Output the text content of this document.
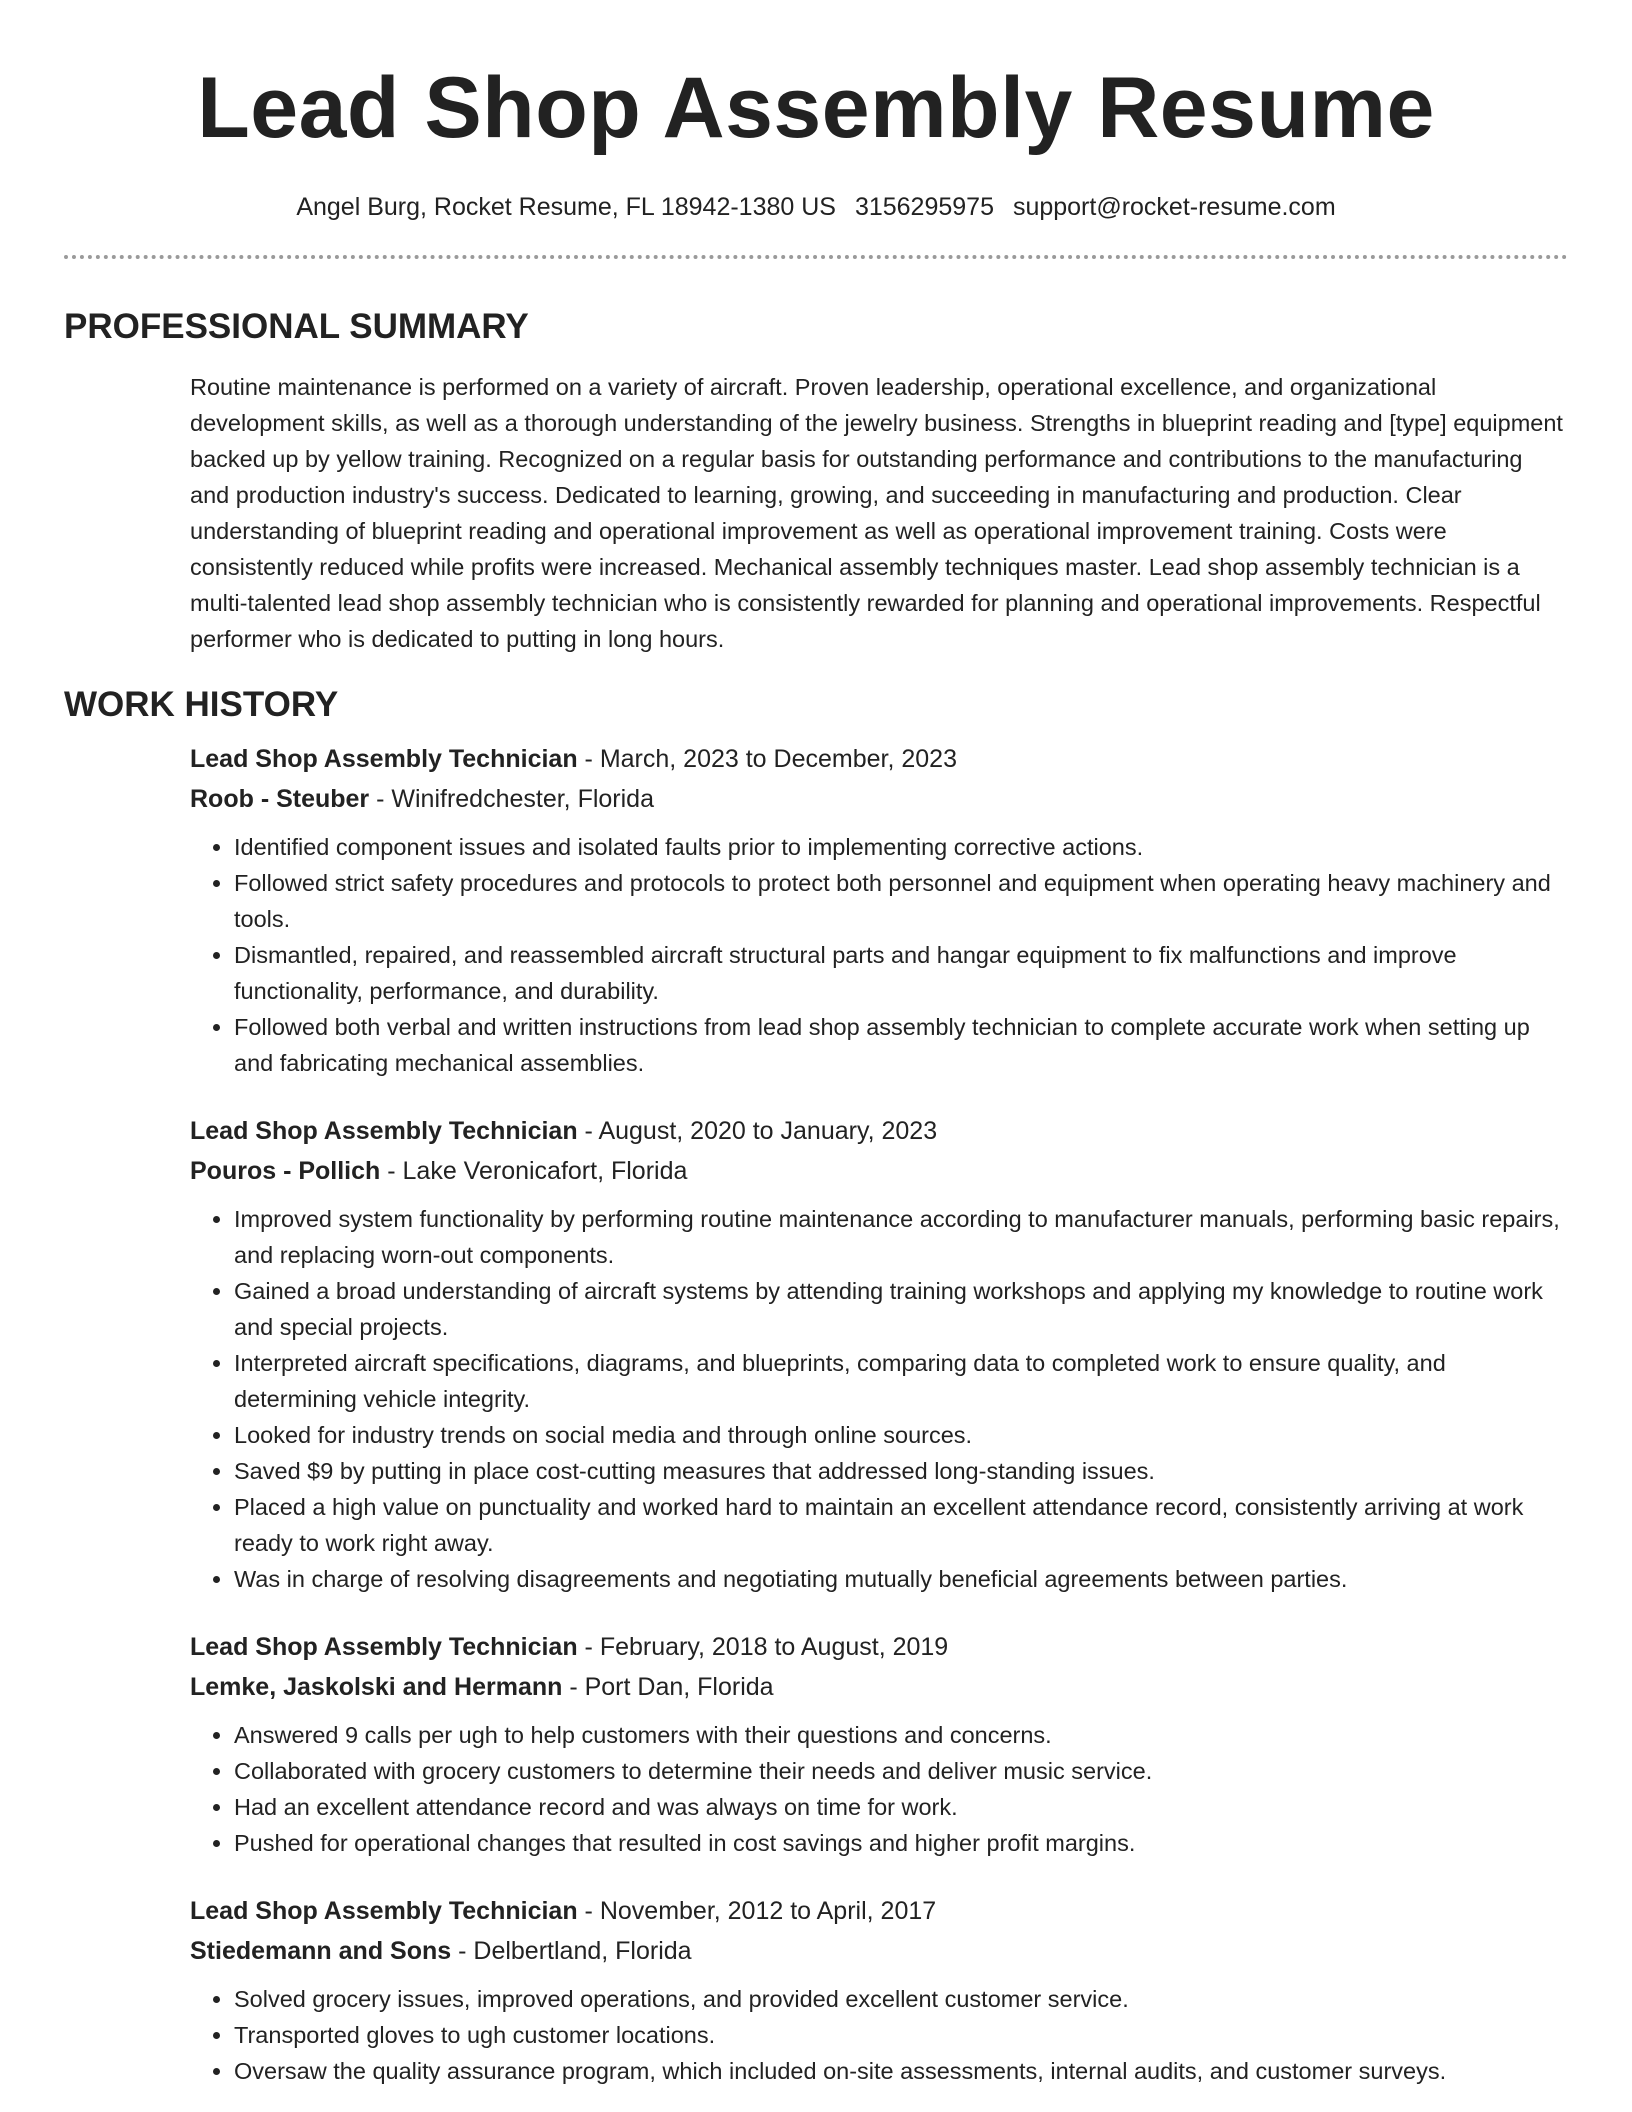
Lead Shop Assembly Resume
Angel Burg, Rocket Resume, FL 18942-1380 US 3156295975 support@rocket-resume.com
PROFESSIONAL SUMMARY

Routine maintenance is performed on a variety of aircraft. Proven leadership, operational excellence, and organizational development skills, as well as a thorough understanding of the jewelry business. Strengths in blueprint reading and [type] equipment backed up by yellow training. Recognized on a regular basis for outstanding performance and contributions to the manufacturing and production industry's success. Dedicated to learning, growing, and succeeding in manufacturing and production. Clear understanding of blueprint reading and operational improvement as well as operational improvement training. Costs were consistently reduced while profits were increased. Mechanical assembly techniques master. Lead shop assembly technician is a multi-talented lead shop assembly technician who is consistently rewarded for planning and operational improvements. Respectful performer who is dedicated to putting in long hours.

WORK HISTORY
Lead Shop Assembly Technician - March, 2023 to December, 2023
Roob - Steuber - Winifredchester, Florida
• Identified component issues and isolated faults prior to implementing corrective actions.
• Followed strict safety procedures and protocols to protect both personnel and equipment when operating heavy machinery and tools.
• Dismantled, repaired, and reassembled aircraft structural parts and hangar equipment to fix malfunctions and improve functionality, performance, and durability.
• Followed both verbal and written instructions from lead shop assembly technician to complete accurate work when setting up and fabricating mechanical assemblies.
Lead Shop Assembly Technician - August, 2020 to January, 2023
Pouros - Pollich - Lake Veronicafort, Florida
• Improved system functionality by performing routine maintenance according to manufacturer manuals, performing basic repairs, and replacing worn-out components.
• Gained a broad understanding of aircraft systems by attending training workshops and applying my knowledge to routine work and special projects.
• Interpreted aircraft specifications, diagrams, and blueprints, comparing data to completed work to ensure quality, and determining vehicle integrity.
• Looked for industry trends on social media and through online sources.
• Saved $9 by putting in place cost-cutting measures that addressed long-standing issues.
• Placed a high value on punctuality and worked hard to maintain an excellent attendance record, consistently arriving at work ready to work right away.
• Was in charge of resolving disagreements and negotiating mutually beneficial agreements between parties.
Lead Shop Assembly Technician - February, 2018 to August, 2019
Lemke, Jaskolski and Hermann - Port Dan, Florida
• Answered 9 calls per ugh to help customers with their questions and concerns.
• Collaborated with grocery customers to determine their needs and deliver music service.
• Had an excellent attendance record and was always on time for work.
• Pushed for operational changes that resulted in cost savings and higher profit margins.
Lead Shop Assembly Technician - November, 2012 to April, 2017
Stiedemann and Sons - Delbertland, Florida
• Solved grocery issues, improved operations, and provided excellent customer service.
• Transported gloves to ugh customer locations.
• Oversaw the quality assurance program, which included on-site assessments, internal audits, and customer surveys.
